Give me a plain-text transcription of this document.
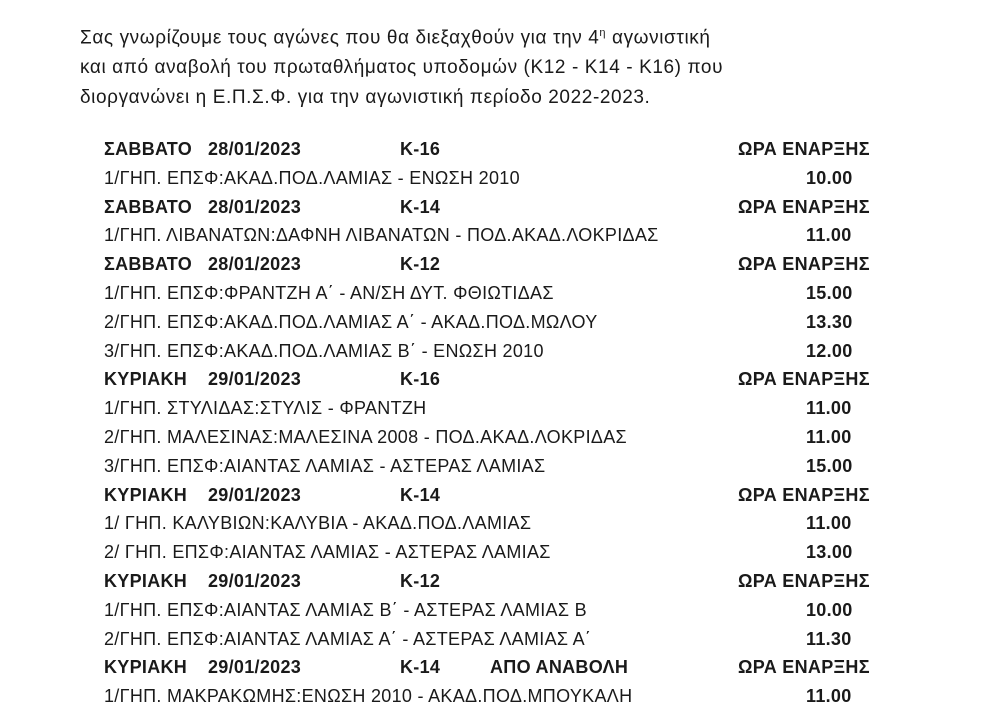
Σας γνωρίζουμε τους αγώνες που θα διεξαχθούν για την $4^\eta$ αγωνιστική

και από αναβολή του πρωταθλήματος υποδομών (Κ12 - Κ14 - Κ16) που

διοργανώνει η Ε.Π.Σ.Φ. για την αγωνιστική περίοδο 2022-2023.

ΣΑΒΒΑΤΟ 28/01/2023	Κ-16	ΩΡΑ ΕΝΑΡΞΗΣ
1/ΓΗΠ. ΕΠΣΦ:ΑΚΑΔ.ΠΟΔ.ΛΑΜΙΑΣ - ΕΝΩΣΗ 2010	10.00
ΣΑΒΒΑΤΟ 28/01/2023	Κ-14	ΩΡΑ ΕΝΑΡΞΗΣ
1/ΓΗΠ. ΛΙΒΑΝΑΤΩΝ:ΔΑΦΝΗ ΛΙΒΑΝΑΤΩΝ - ΠΟΔ.ΑΚΑΔ.ΛΟΚΡΙΔΑΣ	11.00
ΣΑΒΒΑΤΟ 28/01/2023	Κ-12	ΩΡΑ ΕΝΑΡΞΗΣ
1/ΓΗΠ. ΕΠΣΦ:ΦΡΑΝΤΖΗ Α΄ - ΑΝ/ΣΗ ΔΥΤ. ΦΘΙΩΤΙΔΑΣ	15.00
2/ΓΗΠ. ΕΠΣΦ:ΑΚΑΔ.ΠΟΔ.ΛΑΜΙΑΣ Α΄ - ΑΚΑΔ.ΠΟΔ.ΜΩΛΟΥ	13.30
3/ΓΗΠ. ΕΠΣΦ:ΑΚΑΔ.ΠΟΔ.ΛΑΜΙΑΣ Β΄ - ΕΝΩΣΗ 2010	12.00
ΚΥΡΙΑΚΗ 29/01/2023	Κ-16	ΩΡΑ ΕΝΑΡΞΗΣ
1/ΓΗΠ. ΣΤΥΛΙΔΑΣ:ΣΤΥΛΙΣ - ΦΡΑΝΤΖΗ	11.00
2/ΓΗΠ. ΜΑΛΕΣΙΝΑΣ:ΜΑΛΕΣΙΝΑ 2008 - ΠΟΔ.ΑΚΑΔ.ΛΟΚΡΙΔΑΣ	11.00
3/ΓΗΠ. ΕΠΣΦ:ΑΙΑΝΤΑΣ ΛΑΜΙΑΣ - ΑΣΤΕΡΑΣ ΛΑΜΙΑΣ	15.00
ΚΥΡΙΑΚΗ 29/01/2023	Κ-14	ΩΡΑ ΕΝΑΡΞΗΣ
1/ ΓΗΠ. ΚΑΛΥΒΙΩΝ:ΚΑΛΥΒΙΑ - ΑΚΑΔ.ΠΟΔ.ΛΑΜΙΑΣ	11.00
2/ ΓΗΠ. ΕΠΣΦ:ΑΙΑΝΤΑΣ ΛΑΜΙΑΣ - ΑΣΤΕΡΑΣ ΛΑΜΙΑΣ	13.00
ΚΥΡΙΑΚΗ 29/01/2023	Κ-12	ΩΡΑ ΕΝΑΡΞΗΣ
1/ΓΗΠ. ΕΠΣΦ:ΑΙΑΝΤΑΣ ΛΑΜΙΑΣ Β΄ - ΑΣΤΕΡΑΣ ΛΑΜΙΑΣ Β	10.00
2/ΓΗΠ. ΕΠΣΦ:ΑΙΑΝΤΑΣ ΛΑΜΙΑΣ Α΄ - ΑΣΤΕΡΑΣ ΛΑΜΙΑΣ Α΄	11.30
ΚΥΡΙΑΚΗ 29/01/2023	Κ-14	ΑΠΟ ΑΝΑΒΟΛΗ	ΩΡΑ ΕΝΑΡΞΗΣ
1/ΓΗΠ. ΜΑΚΡΑΚΩΜΗΣ:ΕΝΩΣΗ 2010 - ΑΚΑΔ.ΠΟΔ.ΜΠΟΥΚΑΛΗ	11.00
